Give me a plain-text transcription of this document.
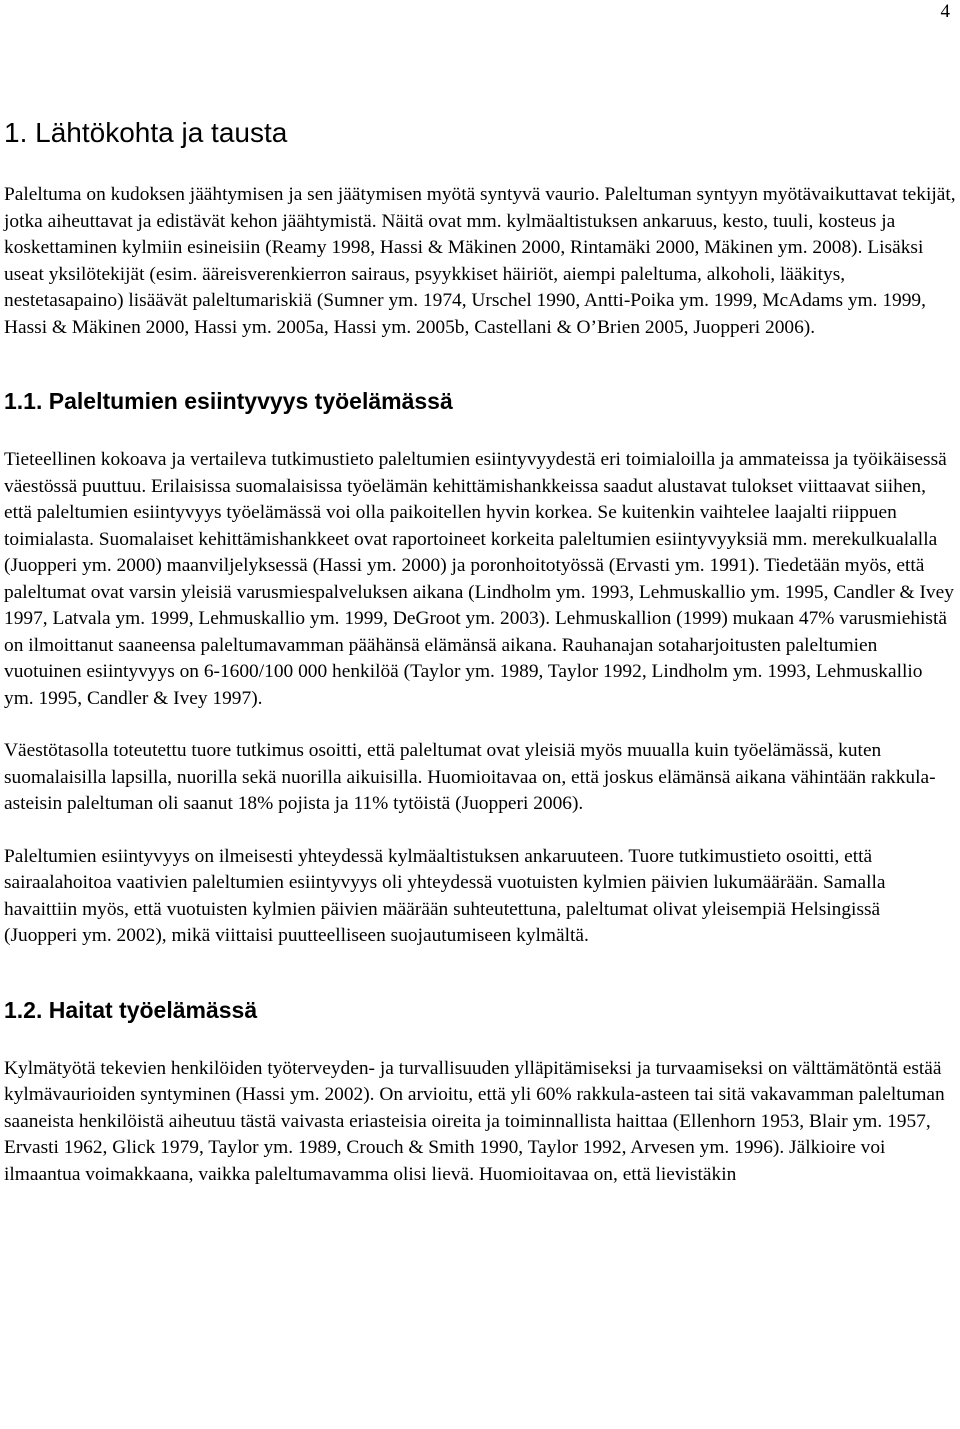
4
1. Lähtökohta ja tausta

Paleltuma on kudoksen jäähtymisen ja sen jäätymisen myötä syntyvä vaurio. Paleltuman syntyyn myötävaikuttavat tekijät, jotka aiheuttavat ja edistävät kehon jäähtymistä. Näitä ovat mm. kylmäaltistuksen ankaruus, kesto, tuuli, kosteus ja koskettaminen kylmiin esineisiin (Reamy 1998, Hassi & Mäkinen 2000, Rintamäki 2000, Mäkinen ym. 2008). Lisäksi useat yksilötekijät (esim. ääreisverenkierron sairaus, psyykkiset häiriöt, aiempi paleltuma, alkoholi, lääkitys, nestetasapaino) lisäävät paleltumariskiä (Sumner ym. 1974, Urschel 1990, Antti-Poika ym. 1999, McAdams ym. 1999, Hassi & Mäkinen 2000, Hassi ym. 2005a, Hassi ym. 2005b, Castellani & O’Brien 2005, Juopperi 2006).

1.1. Paleltumien esiintyvyys työelämässä

Tieteellinen kokoava ja vertaileva tutkimustieto paleltumien esiintyvyydestä eri toimialoilla ja ammateissa ja työikäisessä väestössä puuttuu. Erilaisissa suomalaisissa työelämän kehittämishankkeissa saadut alustavat tulokset viittaavat siihen, että paleltumien esiintyvyys työelämässä voi olla paikoitellen hyvin korkea. Se kuitenkin vaihtelee laajalti riippuen toimialasta. Suomalaiset kehittämishankkeet ovat raportoineet korkeita paleltumien esiintyvyyksiä mm. merekulkualalla (Juopperi ym. 2000) maanviljelyksessä (Hassi ym. 2000) ja poronhoitotyössä (Ervasti ym. 1991). Tiedetään myös, että paleltumat ovat varsin yleisiä varusmiespalveluksen aikana (Lindholm ym. 1993, Lehmuskallio ym. 1995, Candler & Ivey 1997, Latvala ym. 1999, Lehmuskallio ym. 1999, DeGroot ym. 2003). Lehmuskallion (1999) mukaan 47% varusmiehistä on ilmoittanut saaneensa paleltumavamman päähänsä elämänsä aikana. Rauhanajan sotaharjoitusten paleltumien vuotuinen esiintyvyys on 6-1600/100 000 henkilöä (Taylor ym. 1989, Taylor 1992, Lindholm ym. 1993, Lehmuskallio ym. 1995, Candler & Ivey 1997).

Väestötasolla toteutettu tuore tutkimus osoitti, että paleltumat ovat yleisiä myös muualla kuin työelämässä, kuten suomalaisilla lapsilla, nuorilla sekä nuorilla aikuisilla. Huomioitavaa on, että joskus elämänsä aikana vähintään rakkula-asteisin paleltuman oli saanut 18% pojista ja 11% tytöistä (Juopperi 2006).

Paleltumien esiintyvyys on ilmeisesti yhteydessä kylmäaltistuksen ankaruuteen. Tuore tutkimustieto osoitti, että sairaalahoitoa vaativien paleltumien esiintyvyys oli yhteydessä vuotuisten kylmien päivien lukumäärään. Samalla havaittiin myös, että vuotuisten kylmien päivien määrään suhteutettuna, paleltumat olivat yleisempiä Helsingissä (Juopperi ym. 2002), mikä viittaisi puutteelliseen suojautumiseen kylmältä.

1.2. Haitat työelämässä

Kylmätyötä tekevien henkilöiden työterveyden- ja turvallisuuden ylläpitämiseksi ja turvaamiseksi on välttämätöntä estää kylmävaurioiden syntyminen (Hassi ym. 2002). On arvioitu, että yli 60% rakkula-asteen tai sitä vakavamman paleltuman saaneista henkilöistä aiheutuu tästä vaivasta eriasteisia oireita ja toiminnallista haittaa (Ellenhorn 1953, Blair ym. 1957, Ervasti 1962, Glick 1979, Taylor ym. 1989, Crouch & Smith 1990, Taylor 1992, Arvesen ym. 1996). Jälkioire voi ilmaantua voimakkaana, vaikka paleltumavamma olisi lievä. Huomioitavaa on, että lievistäkin
